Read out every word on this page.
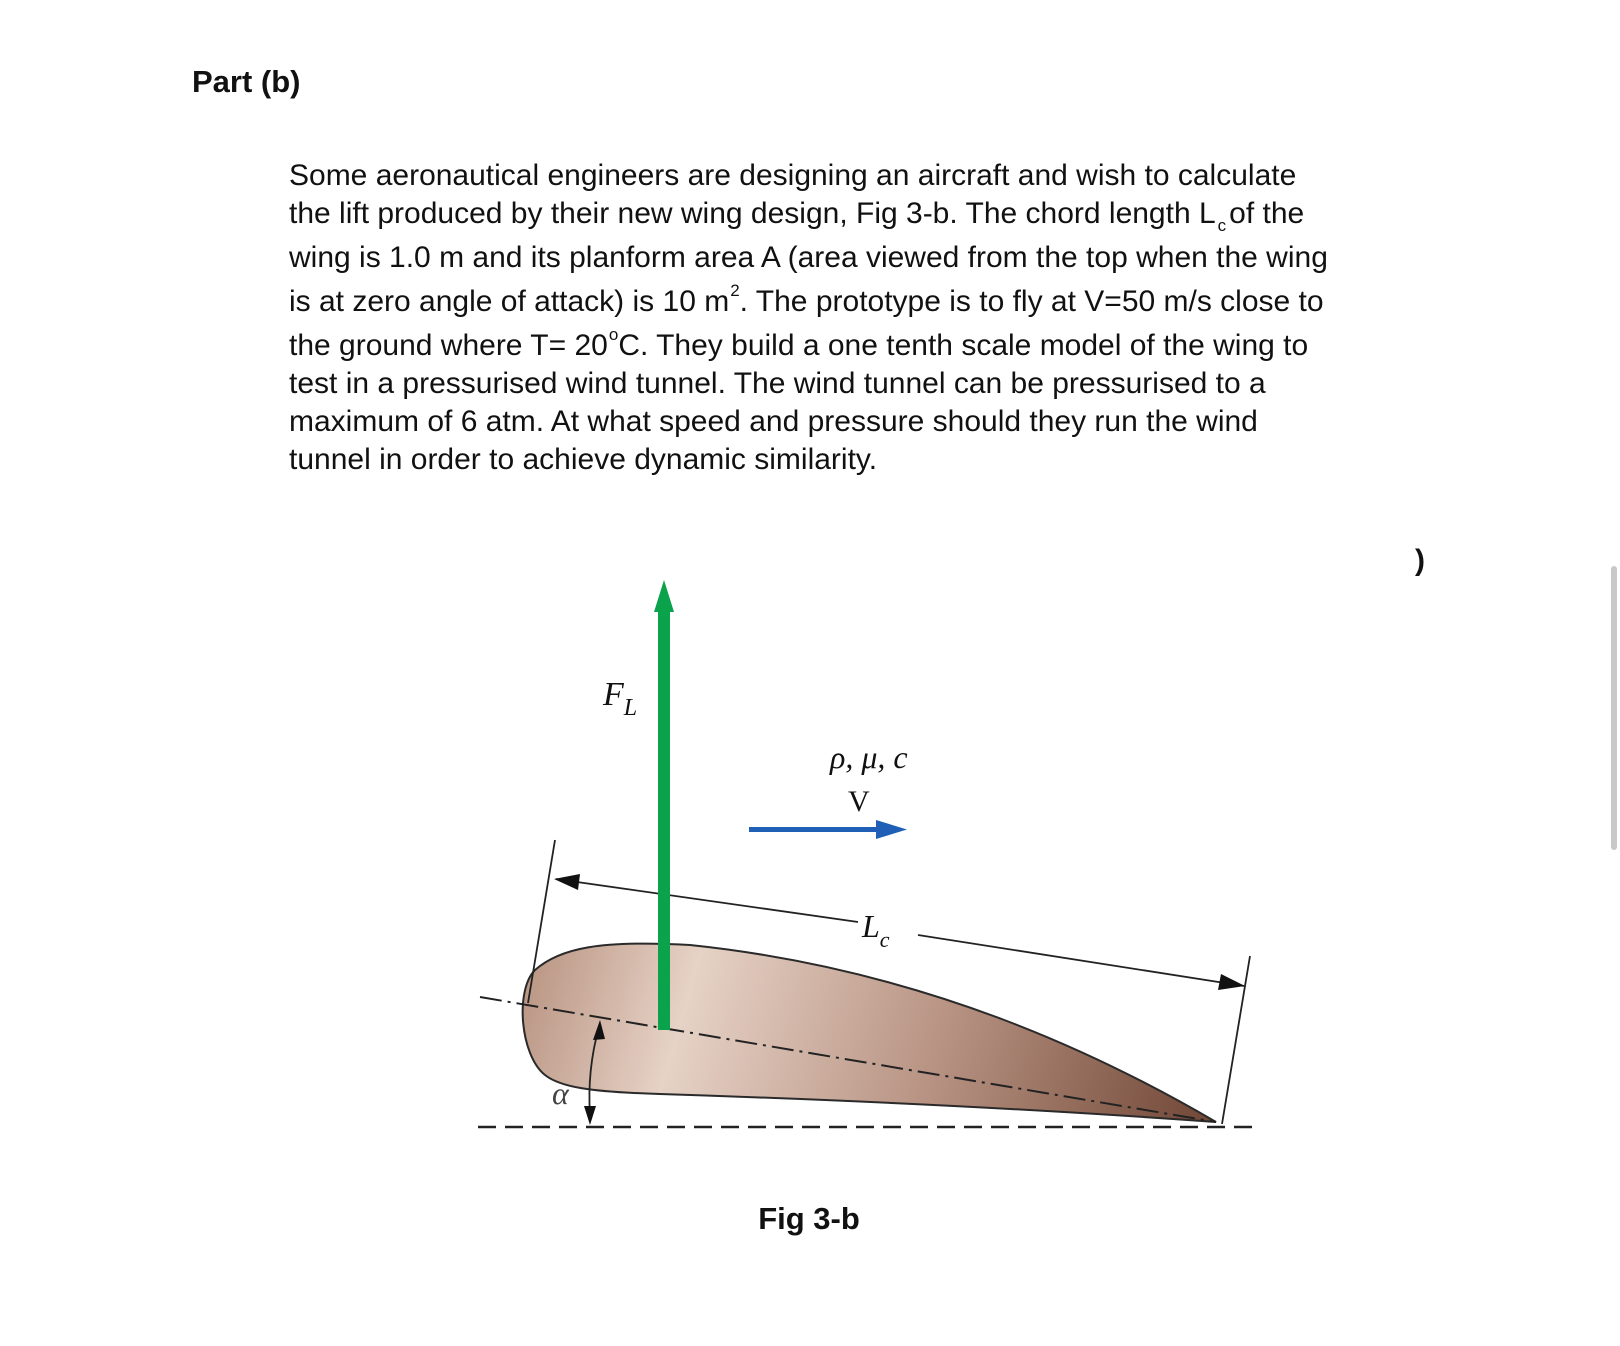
Part (b)

Some aeronautical engineers are designing an aircraft and wish to calculate
the lift produced by their new wing design, Fig 3-b. The chord length L $_c$ of the
wing is 1.0 m and its planform area A (area viewed from the top when the wing
is at zero angle of attack) is 10 $m^2$. The prototype is to fly at V=50 m/s close to
the ground where $T= 20^oC$. They build a one tenth scale model of the wing to
test in a pressurised wind tunnel. The wind tunnel can be pressurised to a
maximum of 6 atm. At what speed and pressure should they run the wind
tunnel in order to achieve dynamic similarity.

)
$F_L$
ρ, μ, c
V
$L_c$
α
Fig 3-b
